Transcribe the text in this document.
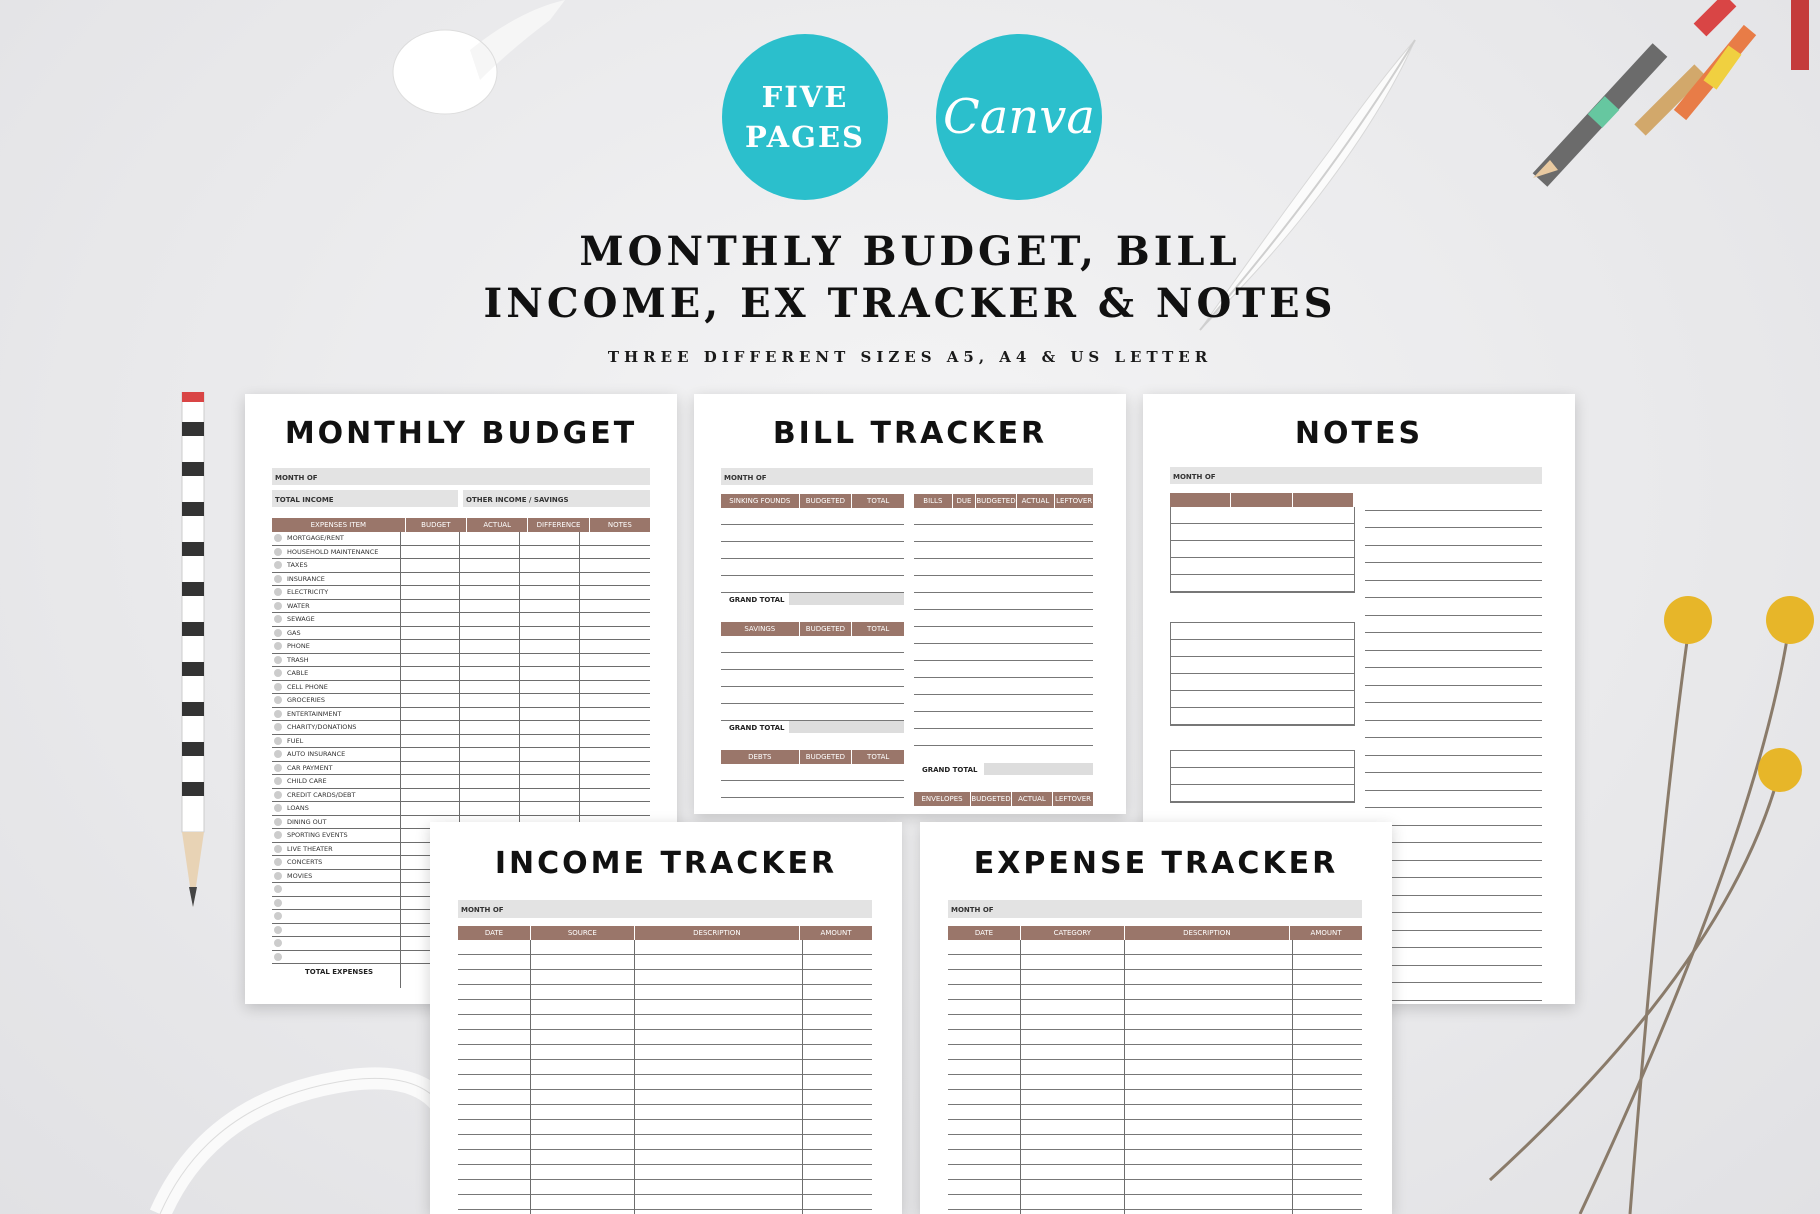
FIVE
PAGES Canva
MONTHLY BUDGET, BILL
INCOME, EX TRACKER & NOTES
THREE DIFFERENT SIZES A5, A4 & US LETTER
MONTHLY BUDGET
MONTH OF
TOTAL INCOME	OTHER INCOME / SAVINGS
EXPENSES ITEM	BUDGET	ACTUAL	DIFFERENCE	NOTES
MORTGAGE/RENT
HOUSEHOLD MAINTENANCE
TAXES
INSURANCE
ELECTRICITY
WATER
SEWAGE
GAS
PHONE
TRASH
CABLE
CELL PHONE
GROCERIES
ENTERTAINMENT
CHARITY/DONATIONS
FUEL
AUTO INSURANCE
CAR PAYMENT
CHILD CARE
CREDIT CARDS/DEBT
LOANS
DINING OUT
SPORTING EVENTS
LIVE THEATER
CONCERTS
MOVIES
TOTAL EXPENSES
BILL TRACKER
MONTH OF
SINKING FOUNDS	BUDGETED	TOTAL
GRAND TOTAL
SAVINGS	BUDGETED	TOTAL
GRAND TOTAL
DEBTS	BUDGETED	TOTAL
BILLS	DUE BUDGETED ACTUAL LEFTOVER
GRAND TOTAL
ENVELOPES	BUDGETED	ACTUAL	LEFTOVER
NOTES
MONTH OF
INCOME TRACKER
MONTH OF
DATE	SOURCE	DESCRIPTION	AMOUNT
EXPENSE TRACKER
MONTH OF
DATE	CATEGORY	DESCRIPTION	AMOUNT
